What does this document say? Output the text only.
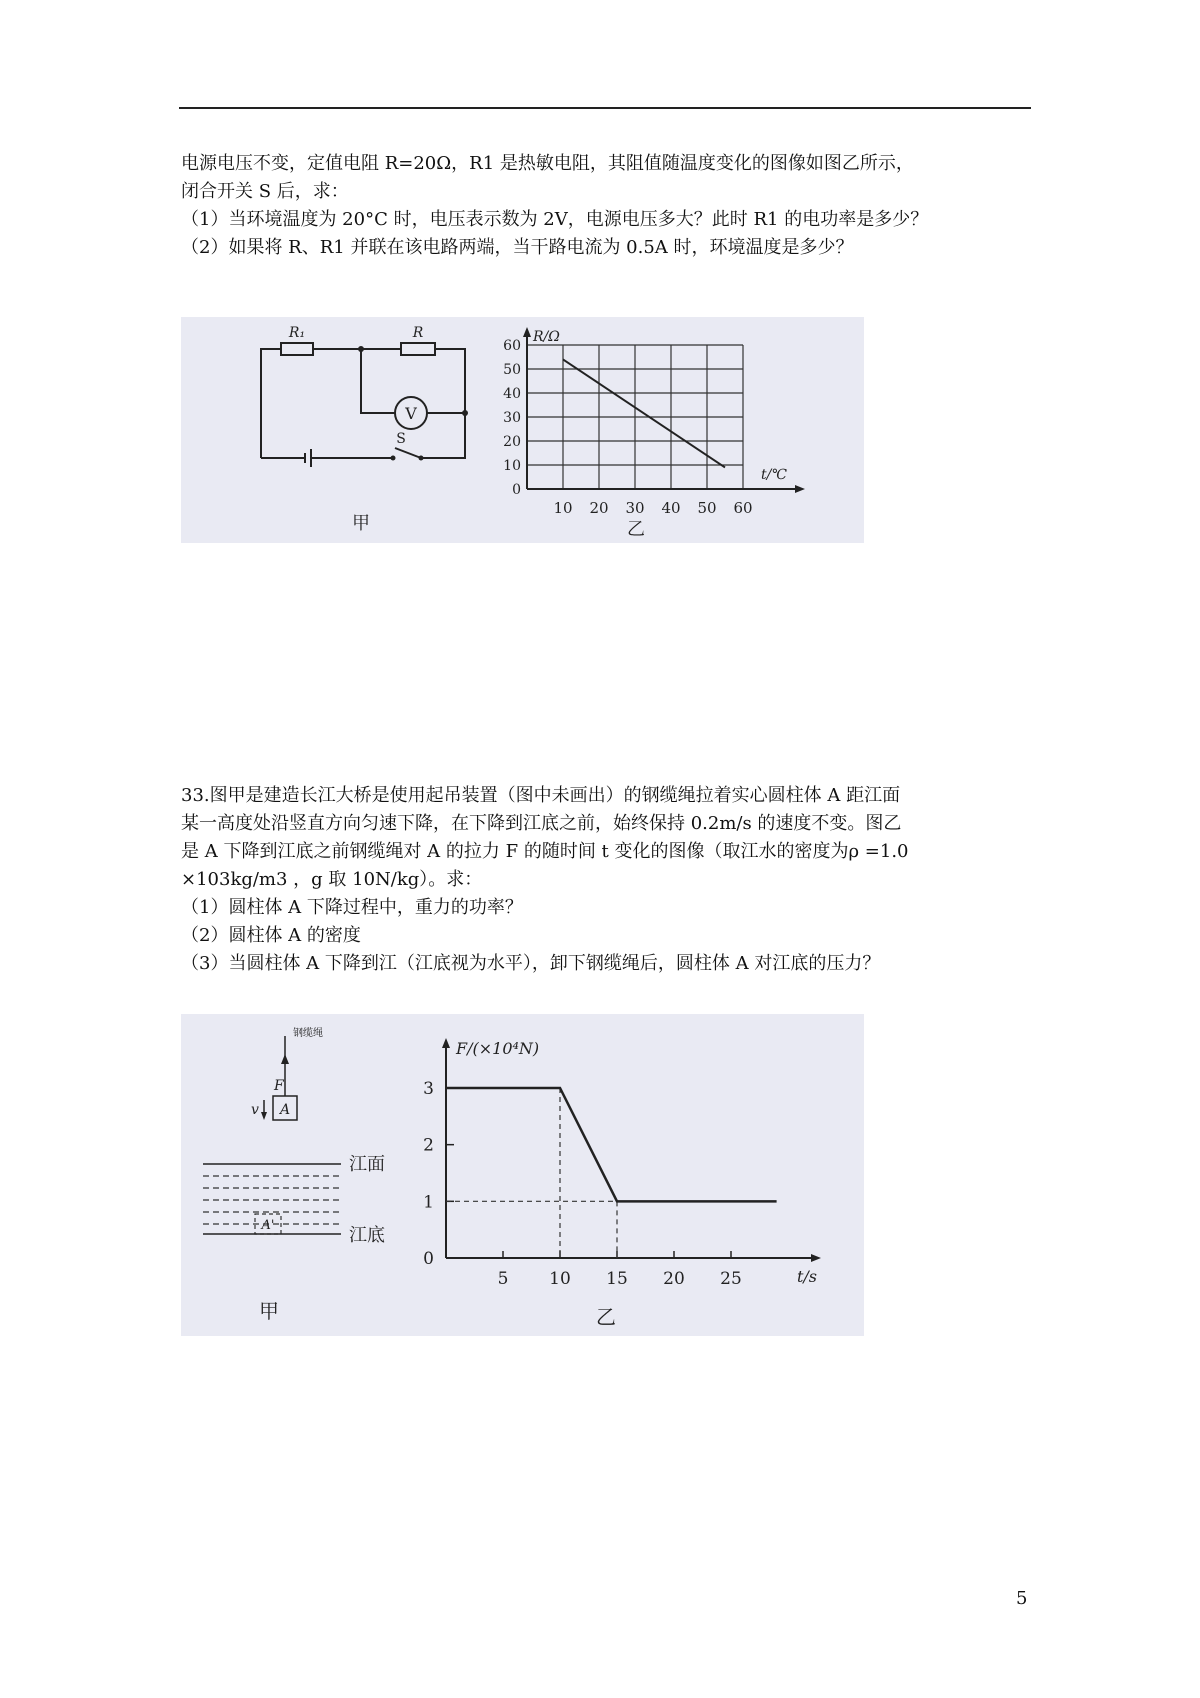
电源电压不变，定值电阻 R=20Ω，R1 是热敏电阻，其阻值随温度变化的图像如图乙所示，
闭合开关 S 后，求：
（1）当环境温度为 20°C 时，电压表示数为 2V，电源电压多大？此时 R1 的电功率是多少？
（2）如果将 R、R1 并联在该电路两端，当干路电流为 0.5A 时，环境温度是多少？
R₁	R
V
S
甲
0
10
20
30
40
50
60
10 20 30 40 50 60
R/Ω
t/℃
乙
33.图甲是建造长江大桥是使用起吊装置（图中未画出）的钢缆绳拉着实心圆柱体 A 距江面
某一高度处沿竖直方向匀速下降，在下降到江底之前，始终保持 0.2m/s 的速度不变。图乙
是 A 下降到江底之前钢缆绳对 A 的拉力 F 的随时间 t 变化的图像（取江水的密度为ρ =1.0
×103kg/m3 ，g 取 10N/kg）。求：
（1）圆柱体 A 下降过程中，重力的功率？
（2）圆柱体 A 的密度
（3）当圆柱体 A 下降到江（江底视为水平），卸下钢缆绳后，圆柱体 A 对江底的压力？
钢缆绳
F
v A
A'
江面
江底
甲
0
1
2
3
5 10 15 20 25
F/(×10⁴N)
t/s
乙
5
